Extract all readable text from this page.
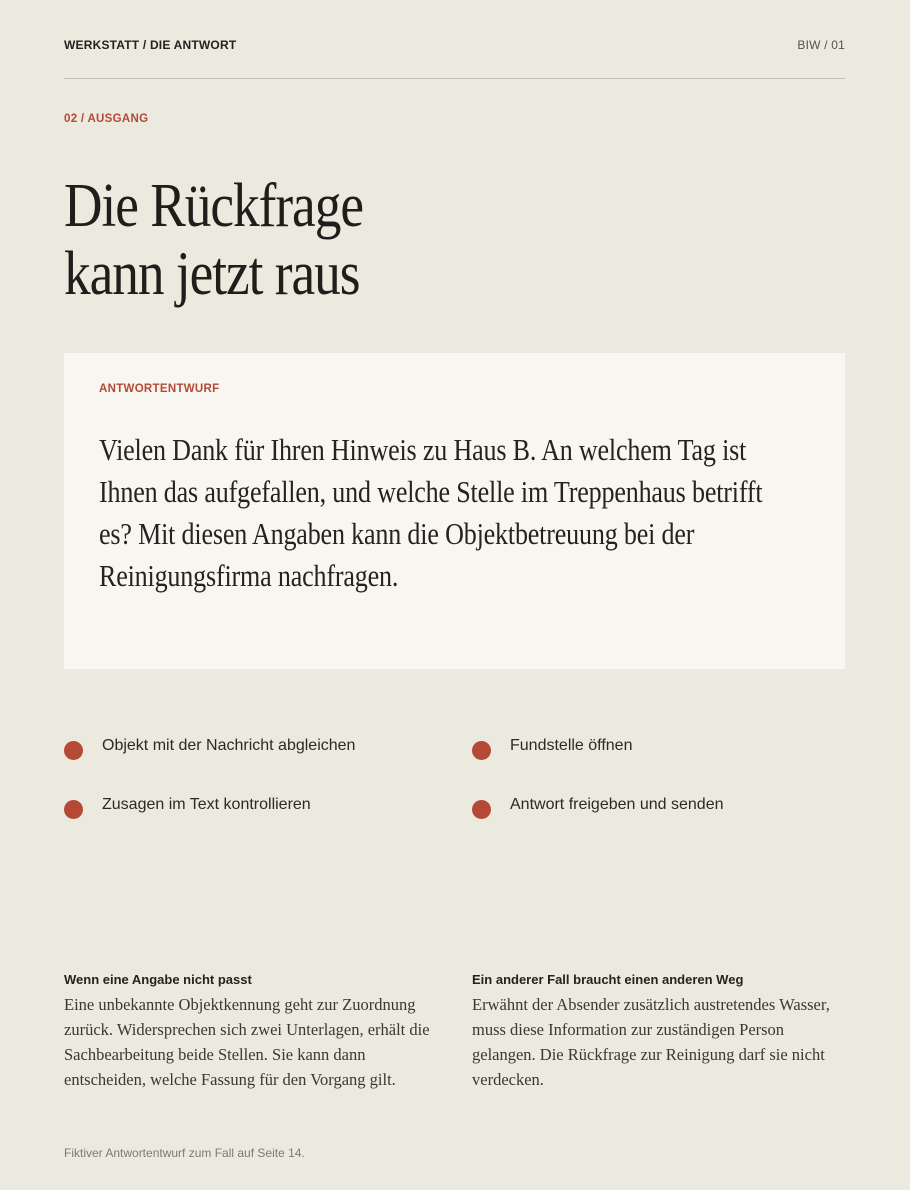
WERKSTATT / DIE ANTWORT	BIW / 01
02 / AUSGANG
Die Rückfrage
kann jetzt raus
ANTWORTENTWURF

Vielen Dank für Ihren Hinweis zu Haus B. An welchem Tag ist Ihnen das aufgefallen, und welche Stelle im Treppenhaus betrifft es? Mit diesen Angaben kann die Objektbetreuung bei der Reinigungsfirma nachfragen.

Objekt mit der Nachricht abgleichen	Fundstelle öffnen
Zusagen im Text kontrollieren	Antwort freigeben und senden
Wenn eine Angabe nicht passt
Eine unbekannte Objektkennung geht zur Zuordnung zurück. Widersprechen sich zwei Unterlagen, erhält die Sachbearbeitung beide Stellen. Sie kann dann entscheiden, welche Fassung für den Vorgang gilt.
Ein anderer Fall braucht einen anderen Weg
Erwähnt der Absender zusätzlich austretendes Wasser, muss diese Information zur zuständigen Person gelangen. Die Rückfrage zur Reinigung darf sie nicht verdecken.
Fiktiver Antwortentwurf zum Fall auf Seite 14.
